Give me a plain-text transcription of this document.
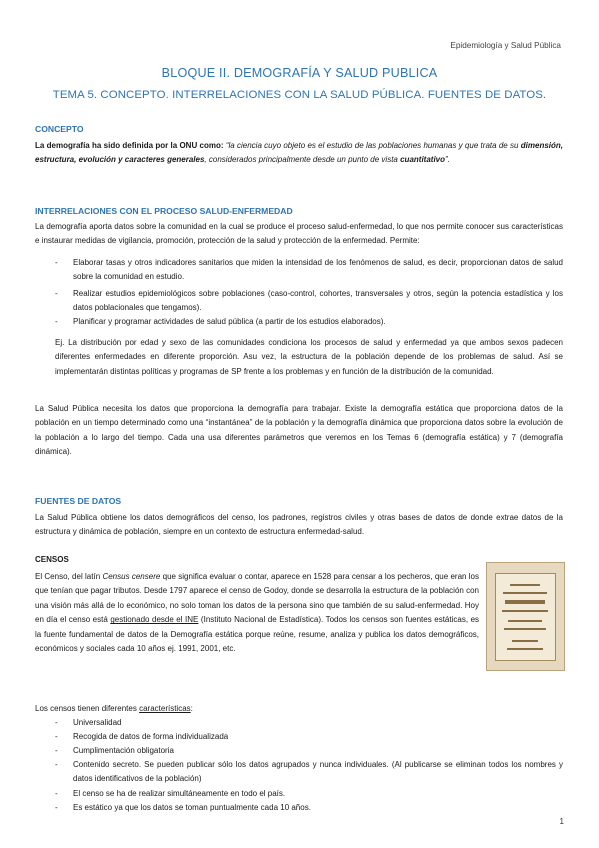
Epidemiología y Salud Pública
BLOQUE II. DEMOGRAFÍA Y SALUD PUBLICA
TEMA 5. CONCEPTO. INTERRELACIONES CON LA SALUD PÚBLICA. FUENTES DE DATOS.
CONCEPTO
La demografía ha sido definida por la ONU como: “la ciencia cuyo objeto es el estudio de las poblaciones humanas y que trata de su dimensión, estructura, evolución y caracteres generales, considerados principalmente desde un punto de vista cuantitativo”.
INTERRELACIONES CON EL PROCESO SALUD-ENFERMEDAD
La demografía aporta datos sobre la comunidad en la cual se produce el proceso salud-enfermedad, lo que nos permite conocer sus características e instaurar medidas de vigilancia, promoción, protección de la salud y protección de la enfermedad. Permite:
- Elaborar tasas y otros indicadores sanitarios que miden la intensidad de los fenómenos de salud, es decir, proporcionan datos de salud sobre la comunidad en estudio.
- Realizar estudios epidemiológicos sobre poblaciones (caso-control, cohortes, transversales y otros, según la potencia estadística y los datos poblacionales que tengamos).
- Planificar y programar actividades de salud pública (a partir de los estudios elaborados).
Ej. La distribución por edad y sexo de las comunidades condiciona los procesos de salud y enfermedad ya que ambos sexos padecen diferentes enfermedades en diferente proporción. Asu vez, la estructura de la población depende de los problemas de salud. Así se implementarán distintas políticas y programas de SP frente a los problemas y en función de la distribución de la comunidad.
La Salud Pública necesita los datos que proporciona la demografía para trabajar. Existe la demografía estática que proporciona datos de la población en un tiempo determinado como una “instantánea” de la población y la demografía dinámica que proporciona datos sobre la evolución de la población a lo largo del tiempo. Cada una usa diferentes parámetros que veremos en los Temas 6 (demografía estática) y 7 (demografía dinámica).
FUENTES DE DATOS
La Salud Pública obtiene los datos demográficos del censo, los padrones, registros civiles y otras bases de datos de donde extrae datos de la estructura y dinámica de población, siempre en un contexto de estructura enfermedad-salud.
CENSOS
El Censo, del latín Census censere que significa evaluar o contar, aparece en 1528 para censar a los pecheros, que eran los que tenían que pagar tributos. Desde 1797 aparece el censo de Godoy, donde se desarrolla la estructura de la población con una visión más allá de lo económico, no solo toman los datos de la persona sino que también de su salud-enfermedad. Hoy en día el censo está gestionado desde el INE (Instituto Nacional de Estadística). Todos los censos son fuentes estáticas, es la fuente fundamental de datos de la Demografía estática porque reúne, resume, analiza y publica los datos demográficos, económicos y sociales cada 10 años ej. 1991, 2001, etc.
Los censos tienen diferentes características:
- Universalidad
- Recogida de datos de forma individualizada
- Cumplimentación obligatoria
- Contenido secreto. Se pueden publicar sólo los datos agrupados y nunca individuales. (Al publicarse se eliminan todos los nombres y datos identificativos de la población)
- El censo se ha de realizar simultáneamente en todo el país.
- Es estático ya que los datos se toman puntualmente cada 10 años.
1
